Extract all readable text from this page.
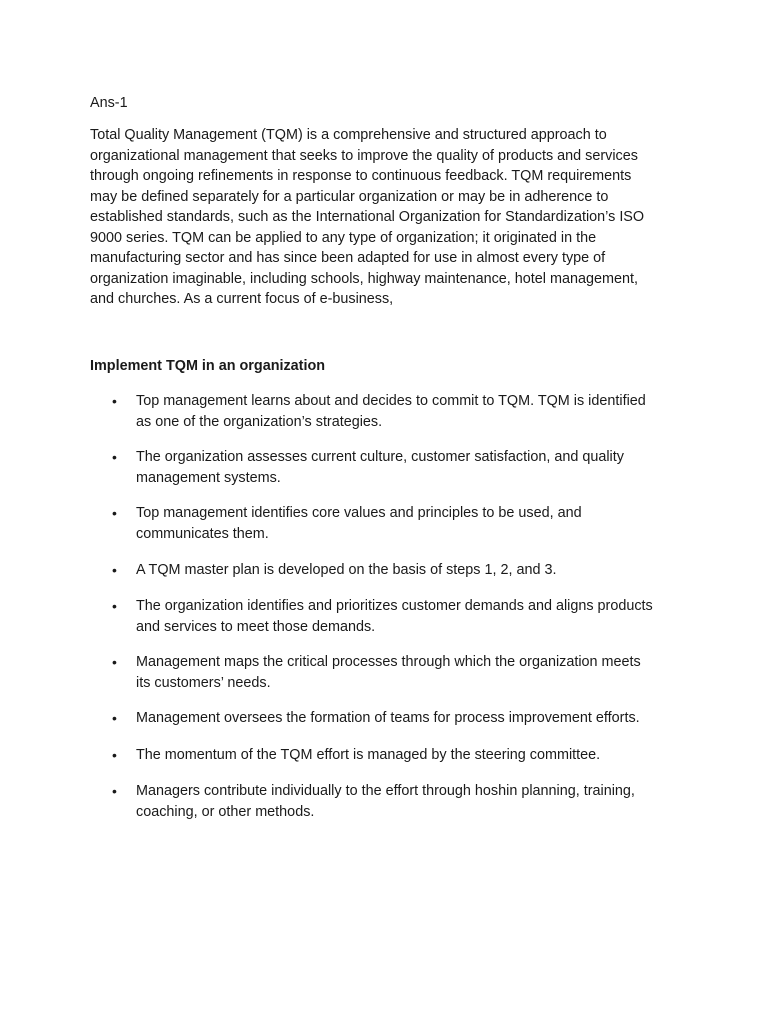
Ans-1

Total Quality Management (TQM) is a comprehensive and structured approach to
organizational management that seeks to improve the quality of products and services
through ongoing refinements in response to continuous feedback. TQM requirements
may be defined separately for a particular organization or may be in adherence to
established standards, such as the International Organization for Standardization’s ISO
9000 series. TQM can be applied to any type of organization; it originated in the
manufacturing sector and has since been adapted for use in almost every type of
organization imaginable, including schools, highway maintenance, hotel management,
and churches. As a current focus of e-business,

Implement TQM in an organization
• Top management learns about and decides to commit to TQM. TQM is identified
as one of the organization’s strategies.
• The organization assesses current culture, customer satisfaction, and quality
management systems.
• Top management identifies core values and principles to be used, and
communicates them.
• A TQM master plan is developed on the basis of steps 1, 2, and 3.
• The organization identifies and prioritizes customer demands and aligns products
and services to meet those demands.
• Management maps the critical processes through which the organization meets
its customers’ needs.
• Management oversees the formation of teams for process improvement efforts.
• The momentum of the TQM effort is managed by the steering committee.
• Managers contribute individually to the effort through hoshin planning, training,
coaching, or other methods.
